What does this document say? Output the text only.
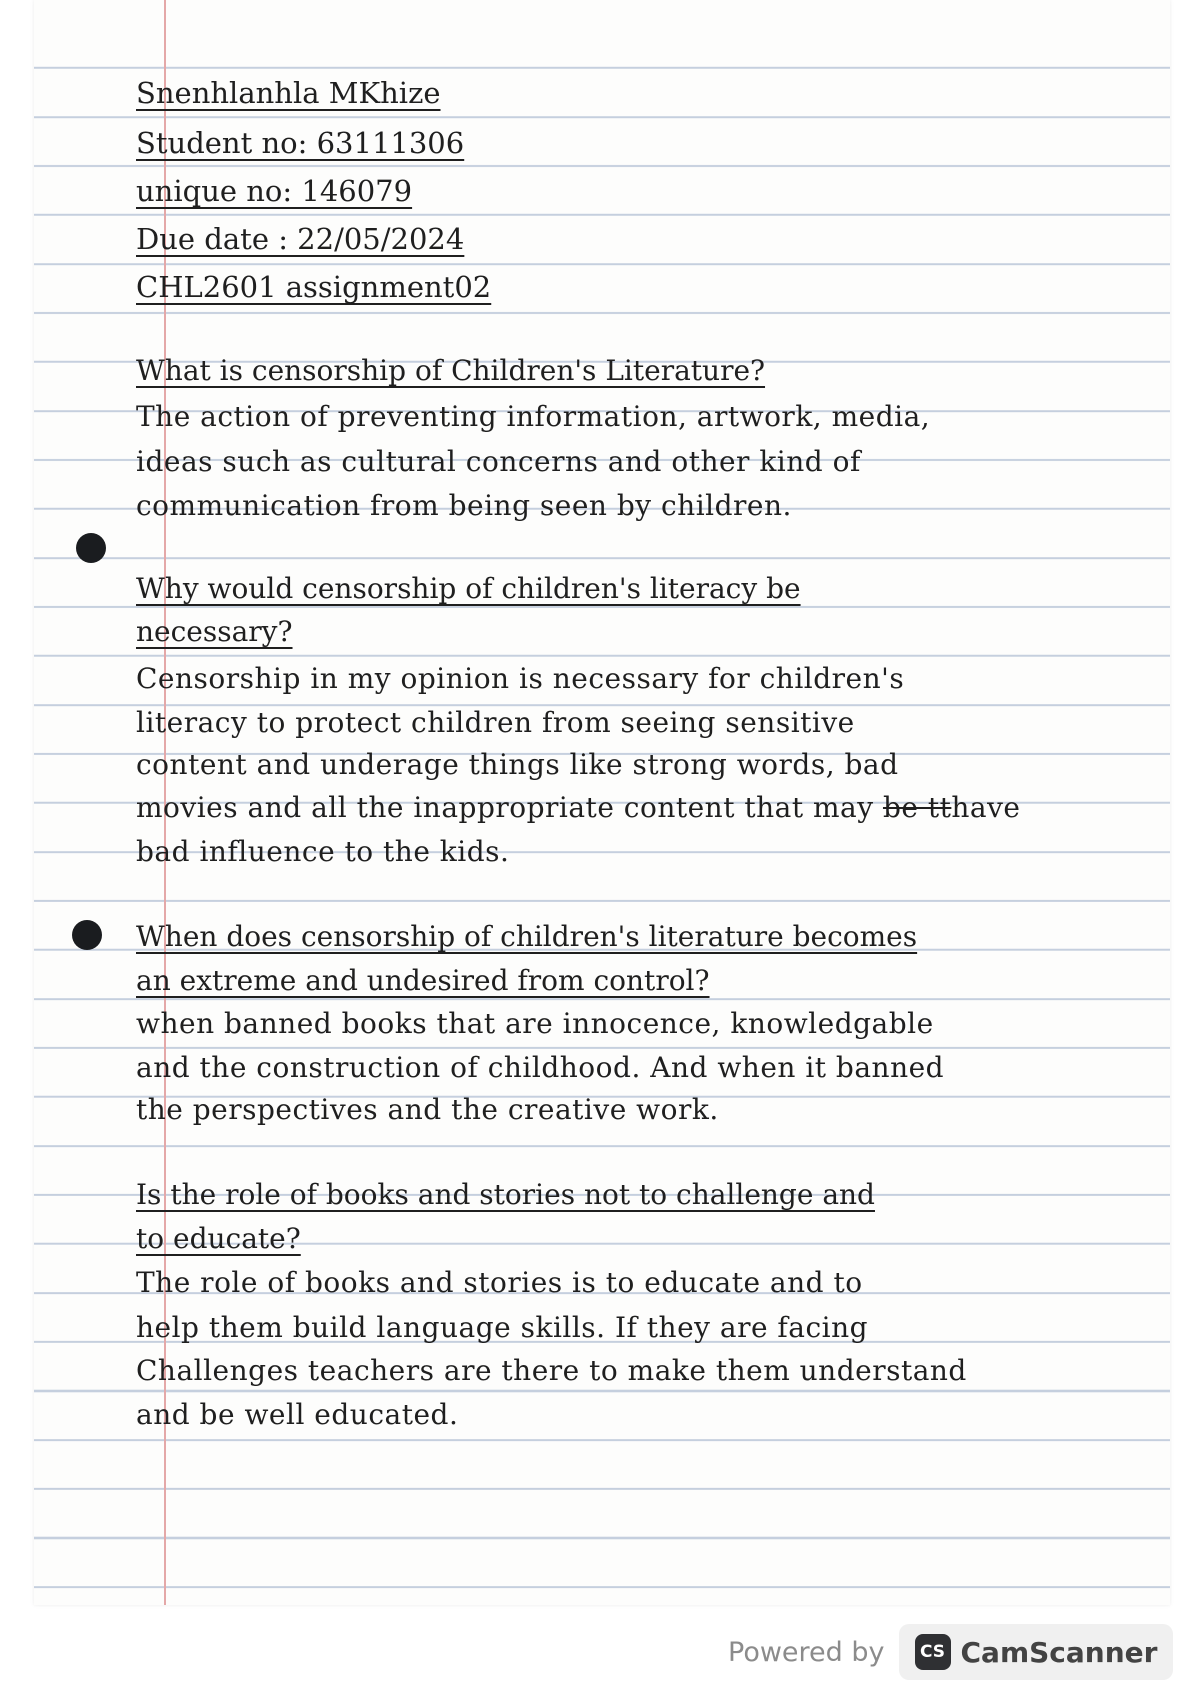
Snenhlanhla MKhize
Student no: 63111306
unique no: 146079
Due date : 22/05/2024
CHL2601 assignment02
What is censorship of Children's Literature?
The action of preventing information, artwork, media,
ideas such as cultural concerns and other kind of
communication from being seen by children.
Why would censorship of children's literacy be
necessary?
Censorship in my opinion is necessary for children's
literacy to protect children from seeing sensitive
content and underage things like strong words, bad
movies and all the inappropriate content that may be tthave
bad influence to the kids.
When does censorship of children's literature becomes
an extreme and undesired from control?
when banned books that are innocence, knowledgable
and the construction of childhood. And when it banned
the perspectives and the creative work.
Is the role of books and stories not to challenge and
to educate?
The role of books and stories is to educate and to
help them build language skills. If they are facing
Challenges teachers are there to make them understand
and be well educated.
Powered by	CS CamScanner
